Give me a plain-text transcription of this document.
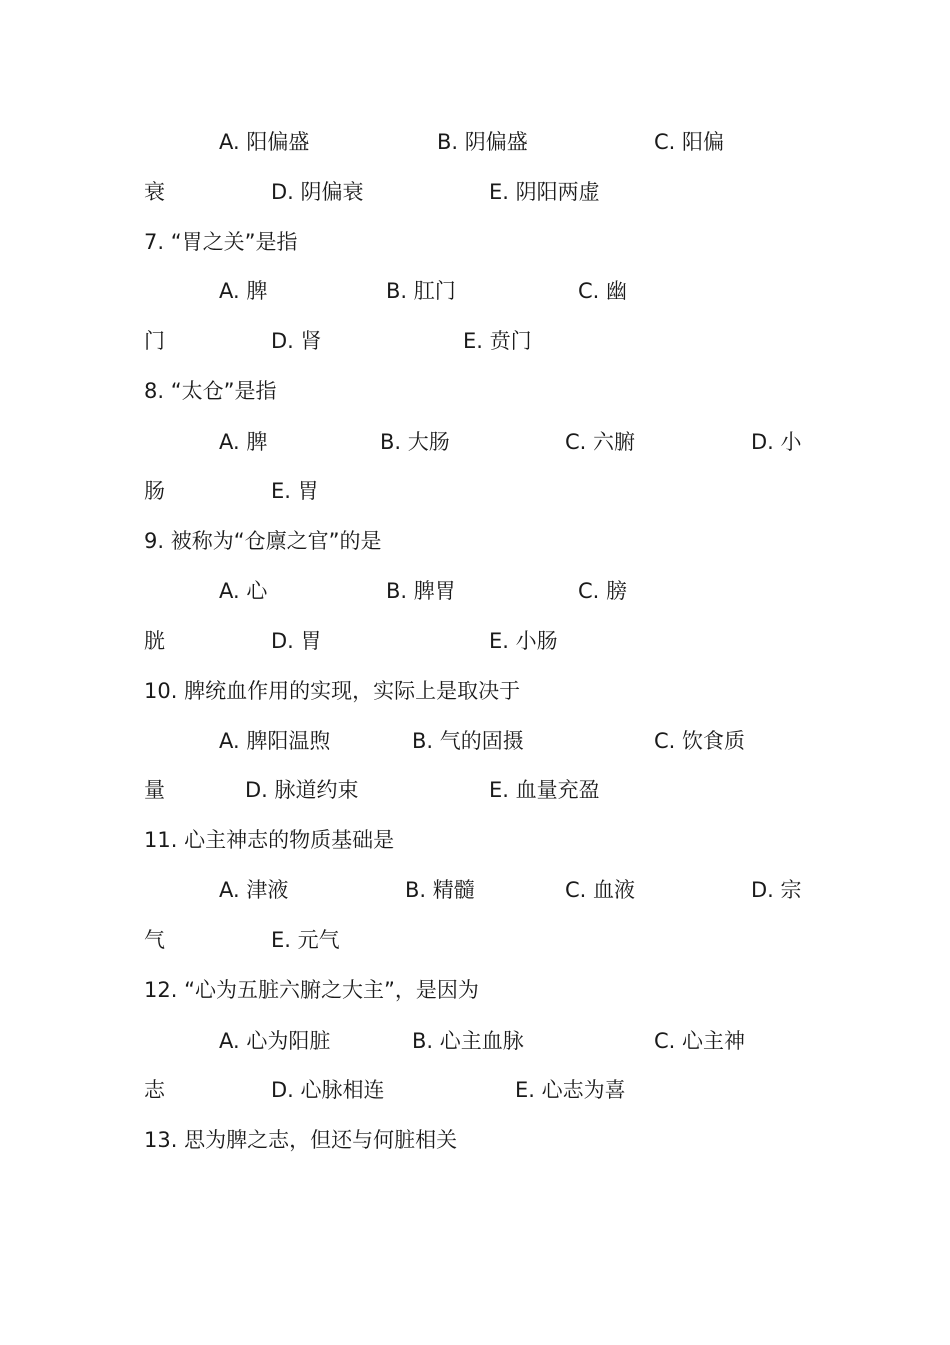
A. 阳偏盛	B. 阴偏盛	C. 阳偏
衰	D. 阴偏衰	E. 阴阳两虚
7. “胃之关”是指
A. 脾	B. 肛门	C. 幽
门	D. 肾	E. 贲门
8. “太仓”是指
A. 脾	B. 大肠	C. 六腑	D. 小
肠	E. 胃
9. 被称为“仓廪之官”的是
A. 心	B. 脾胃	C. 膀
胱	D. 胃	E. 小肠
10. 脾统血作用的实现，实际上是取决于
A. 脾阳温煦	B. 气的固摄	C. 饮食质
量	D. 脉道约束	E. 血量充盈
11. 心主神志的物质基础是
A. 津液	B. 精髓	C. 血液	D. 宗
气	E. 元气
12. “心为五脏六腑之大主”，是因为
A. 心为阳脏	B. 心主血脉	C. 心主神
志	D. 心脉相连	E. 心志为喜
13. 思为脾之志，但还与何脏相关
